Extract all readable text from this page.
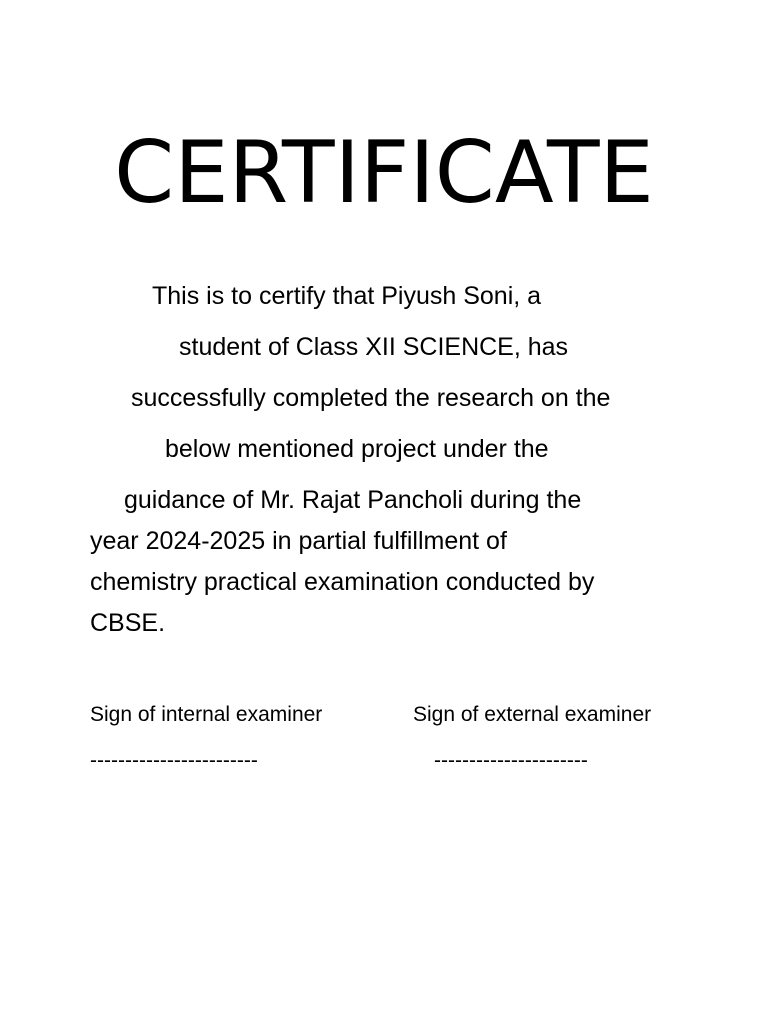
CERTIFICATE

This is to certify that Piyush Soni, a

student of Class XII SCIENCE, has

successfully completed the research on the

below mentioned project under the

guidance of Mr. Rajat Pancholi during the

year 2024-2025 in partial fulfillment of

chemistry practical examination conducted by

CBSE.

Sign of internal examiner	Sign of external examiner

------------------------	----------------------
